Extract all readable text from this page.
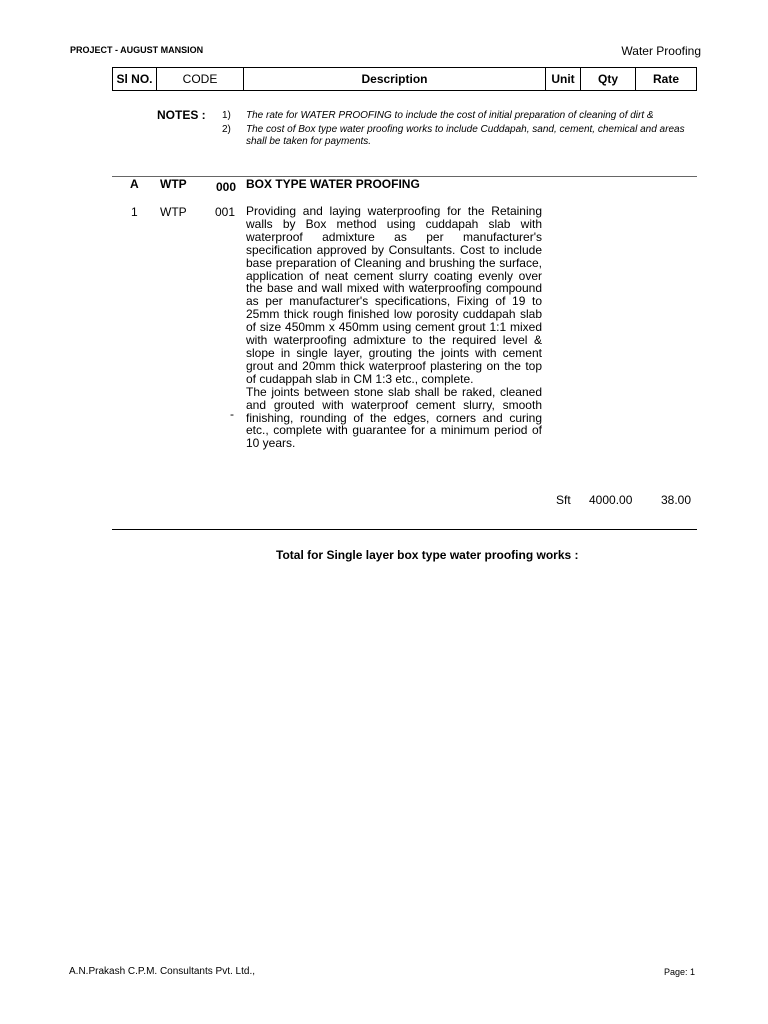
PROJECT - AUGUST MANSION	Water Proofing
Sl NO.	CODE	Description	Unit	Qty	Rate
NOTES : 1) The rate for WATER PROOFING to include the cost of initial preparation of cleaning of dirt &
2) The cost of Box type water proofing works to include Cuddapah, sand, cement, chemical and areas shall be taken for payments.
A WTP 000 BOX TYPE WATER PROOFING
1 WTP 001 Providing and laying waterproofing for the Retaining walls by Box method using cuddapah slab with waterproof admixture as per manufacturer's specification approved by Consultants. Cost to include base preparation of Cleaning and brushing the surface, application of neat cement slurry coating evenly over the base and wall mixed with waterproofing compound as per manufacturer's specifications, Fixing of 19 to 25mm thick rough finished low porosity cuddapah slab of size 450mm x 450mm using cement grout 1:1 mixed with waterproofing admixture to the required level & slope in single layer, grouting the joints with cement grout and 20mm thick waterproof plastering on the top of cudappah slab in CM 1:3 etc., complete.
The joints between stone slab shall be raked, cleaned and grouted with waterproof cement slurry, smooth finishing, rounding of the edges, corners and curing etc., complete with guarantee for a minimum period of 10 years.
-
Sft 4000.00 38.00
Total for Single layer box type water proofing works :
A.N.Prakash C.P.M. Consultants Pvt. Ltd.,	Page: 1
